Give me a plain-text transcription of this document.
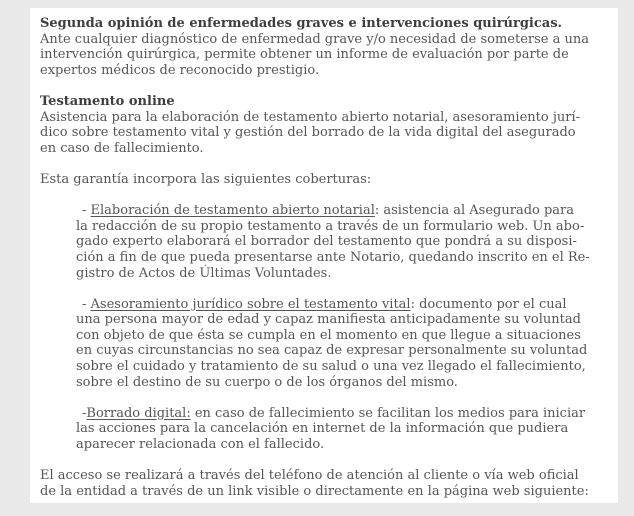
Segunda opinión de enfermedades graves e intervenciones quirúrgicas.
Ante cualquier diagnóstico de enfermedad grave y/o necesidad de someterse a una
intervención quirúrgica, permite obtener un informe de evaluación por parte de
expertos médicos de reconocido prestigio.

Testamento online
Asistencia para la elaboración de testamento abierto notarial, asesoramiento jurí-
dico sobre testamento vital y gestión del borrado de la vida digital del asegurado
en caso de fallecimiento.

Esta garantía incorpora las siguientes coberturas:

- Elaboración de testamento abierto notarial: asistencia al Asegurado para
la redacción de su propio testamento a través de un formulario web. Un abo-
gado experto elaborará el borrador del testamento que pondrá a su disposi-
ción a fin de que pueda presentarse ante Notario, quedando inscrito en el Re-
gistro de Actos de Últimas Voluntades.

- Asesoramiento jurídico sobre el testamento vital: documento por el cual
una persona mayor de edad y capaz manifiesta anticipadamente su voluntad
con objeto de que ésta se cumpla en el momento en que llegue a situaciones
en cuyas circunstancias no sea capaz de expresar personalmente su voluntad
sobre el cuidado y tratamiento de su salud o una vez llegado el fallecimiento,
sobre el destino de su cuerpo o de los órganos del mismo.

-Borrado digital: en caso de fallecimiento se facilitan los medios para iniciar
las acciones para la cancelación en internet de la información que pudiera
aparecer relacionada con el fallecido.

El acceso se realizará a través del teléfono de atención al cliente o vía web oficial
de la entidad a través de un link visible o directamente en la página web siguiente:
